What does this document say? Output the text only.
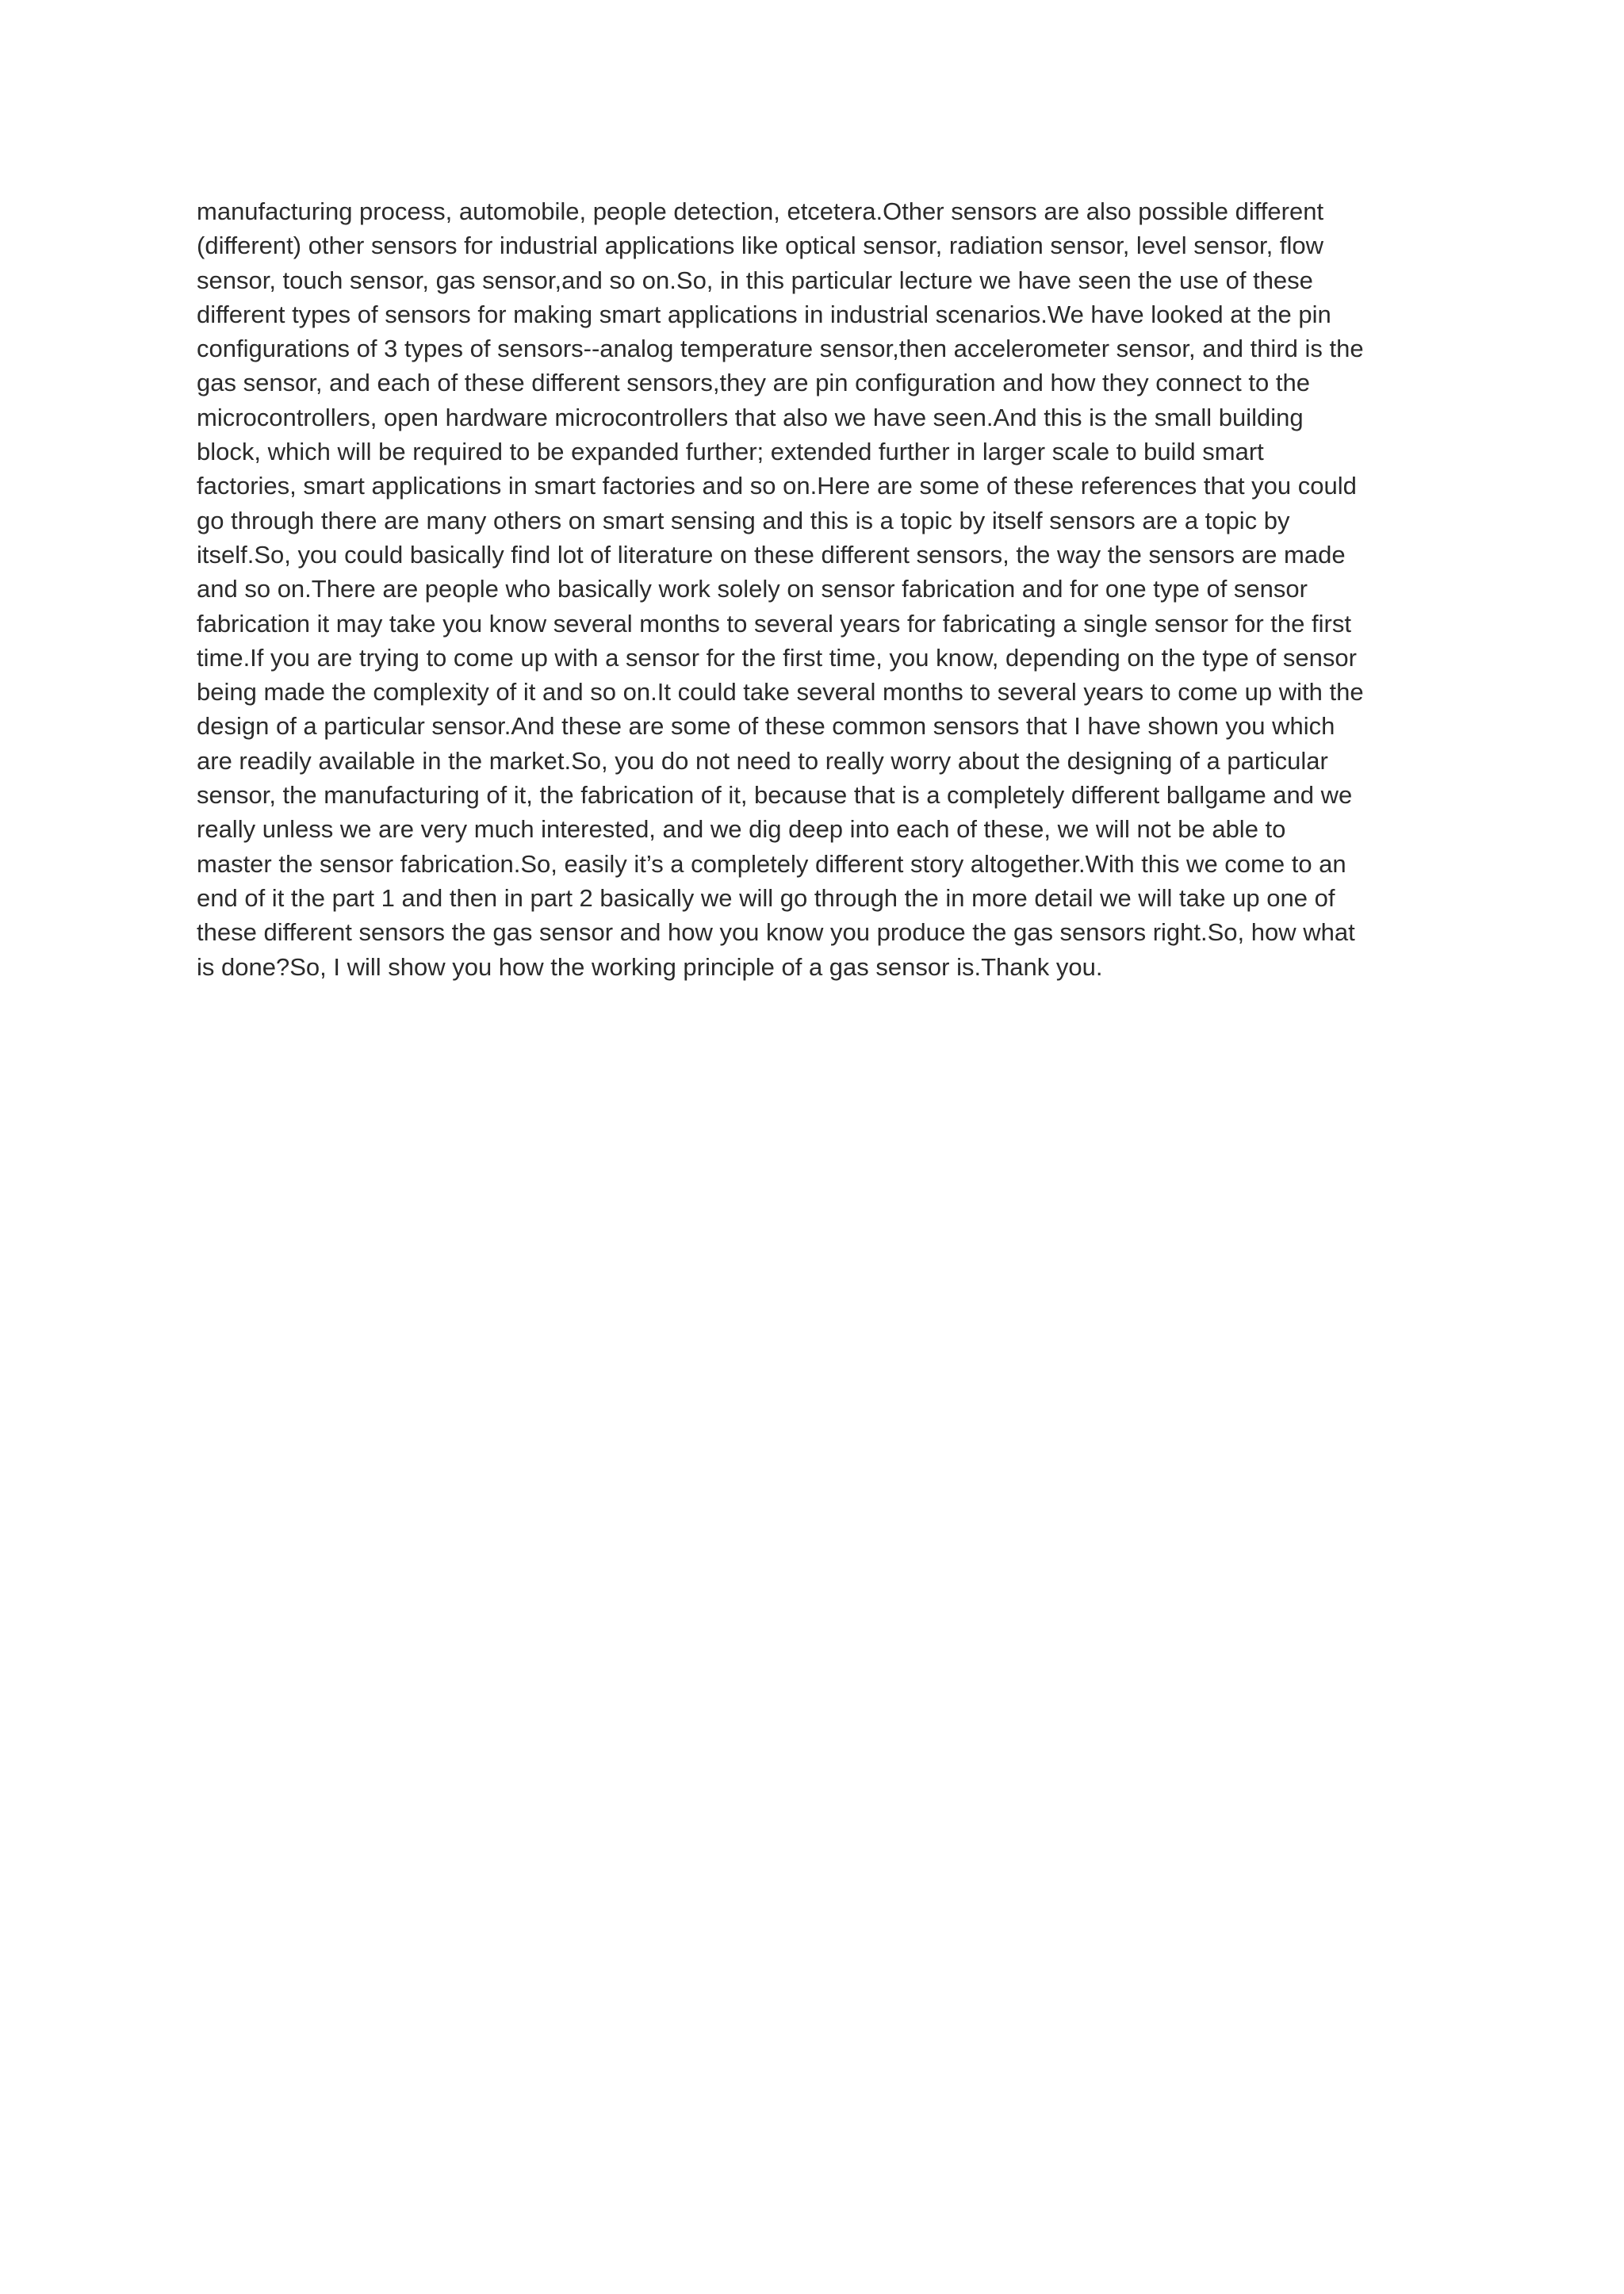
manufacturing process, automobile, people detection, etcetera.Other sensors are also possible different
(different) other sensors for industrial applications like optical sensor, radiation sensor, level sensor, flow
sensor, touch sensor, gas sensor,and so on.So, in this particular lecture we have seen the use of these
different types of sensors for making smart applications in industrial scenarios.We have looked at the pin
configurations of 3 types of sensors--analog temperature sensor,then accelerometer sensor, and third is the
gas sensor, and each of these different sensors,they are pin configuration and how they connect to the
microcontrollers, open hardware microcontrollers that also we have seen.And this is the small building
block, which will be required to be expanded further; extended further in larger scale to build smart
factories, smart applications in smart factories and so on.Here are some of these references that you could
go through there are many others on smart sensing and this is a topic by itself sensors are a topic by
itself.So, you could basically find lot of literature on these different sensors, the way the sensors are made
and so on.There are people who basically work solely on sensor fabrication and for one type of sensor
fabrication it may take you know several months to several years for fabricating a single sensor for the first
time.If you are trying to come up with a sensor for the first time, you know, depending on the type of sensor
being made the complexity of it and so on.It could take several months to several years to come up with the
design of a particular sensor.And these are some of these common sensors that I have shown you which
are readily available in the market.So, you do not need to really worry about the designing of a particular
sensor, the manufacturing of it, the fabrication of it, because that is a completely different ballgame and we
really unless we are very much interested, and we dig deep into each of these, we will not be able to
master the sensor fabrication.So, easily it’s a completely different story altogether.With this we come to an
end of it the part 1 and then in part 2 basically we will go through the in more detail we will take up one of
these different sensors the gas sensor and how you know you produce the gas sensors right.So, how what
is done?So, I will show you how the working principle of a gas sensor is.Thank you.
